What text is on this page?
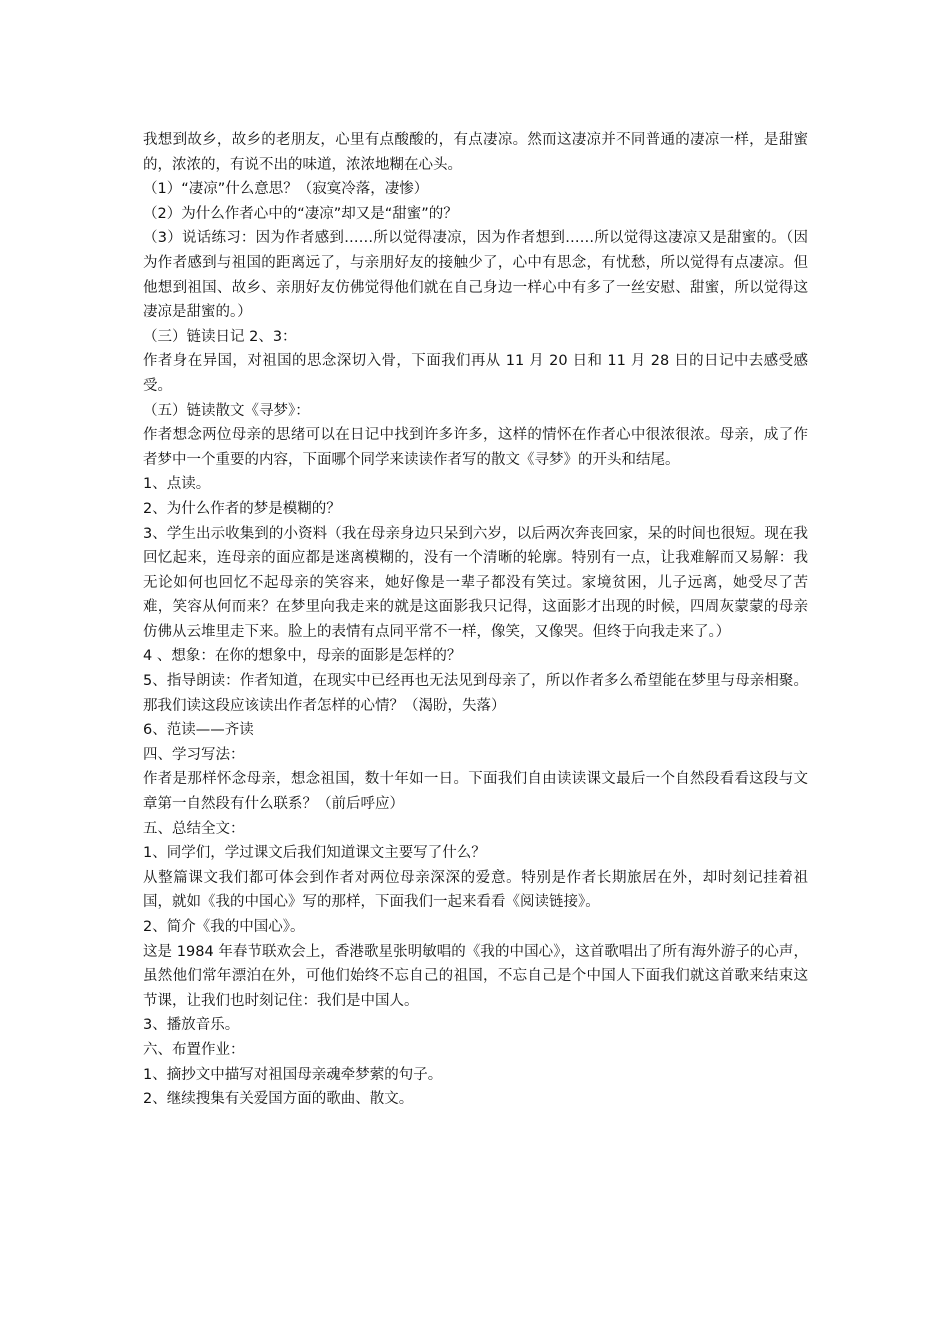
我想到故乡，故乡的老朋友，心里有点酸酸的，有点凄凉。然而这凄凉并不同普通的凄凉一样，是甜蜜的，浓浓的，有说不出的味道，浓浓地糊在心头。

（1）“凄凉”什么意思？（寂寞冷落，凄惨）

（2）为什么作者心中的“凄凉”却又是“甜蜜”的？

（3）说话练习：因为作者感到……所以觉得凄凉，因为作者想到……所以觉得这凄凉又是甜蜜的。（因为作者感到与祖国的距离远了，与亲朋好友的接触少了，心中有思念，有忧愁，所以觉得有点凄凉。但他想到祖国、故乡、亲朋好友仿佛觉得他们就在自己身边一样心中有多了一丝安慰、甜蜜，所以觉得这凄凉是甜蜜的。）

（三）链读日记 2、3：

作者身在异国，对祖国的思念深切入骨，下面我们再从 11 月 20 日和 11 月 28 日的日记中去感受感受。

（五）链读散文《寻梦》：

作者想念两位母亲的思绪可以在日记中找到许多许多，这样的情怀在作者心中很浓很浓。母亲，成了作者梦中一个重要的内容，下面哪个同学来读读作者写的散文《寻梦》的开头和结尾。

1、点读。

2、为什么作者的梦是模糊的？

3、学生出示收集到的小资料（我在母亲身边只呆到六岁，以后两次奔丧回家，呆的时间也很短。现在我回忆起来，连母亲的面应都是迷离模糊的，没有一个清晰的轮廓。特别有一点，让我难解而又易解：我无论如何也回忆不起母亲的笑容来，她好像是一辈子都没有笑过。家境贫困，儿子远离，她受尽了苦难，笑容从何而来？在梦里向我走来的就是这面影我只记得，这面影才出现的时候，四周灰蒙蒙的母亲仿佛从云堆里走下来。脸上的表情有点同平常不一样，像笑，又像哭。但终于向我走来了。）

4 、想象：在你的想象中，母亲的面影是怎样的？

5、指导朗读：作者知道，在现实中已经再也无法见到母亲了，所以作者多么希望能在梦里与母亲相聚。那我们读这段应该读出作者怎样的心情？（渴盼，失落）

6、范读——齐读

四、学习写法：

作者是那样怀念母亲，想念祖国，数十年如一日。下面我们自由读读课文最后一个自然段看看这段与文章第一自然段有什么联系？（前后呼应）

五、总结全文：

1、同学们，学过课文后我们知道课文主要写了什么？

从整篇课文我们都可体会到作者对两位母亲深深的爱意。特别是作者长期旅居在外，却时刻记挂着祖国，就如《我的中国心》写的那样，下面我们一起来看看《阅读链接》。

2、简介《我的中国心》。

这是 1984 年春节联欢会上，香港歌星张明敏唱的《我的中国心》，这首歌唱出了所有海外游子的心声，虽然他们常年漂泊在外，可他们始终不忘自己的祖国，不忘自己是个中国人下面我们就这首歌来结束这节课，让我们也时刻记住：我们是中国人。

3、播放音乐。

六、布置作业：

1、摘抄文中描写对祖国母亲魂牵梦萦的句子。

2、继续搜集有关爱国方面的歌曲、散文。
